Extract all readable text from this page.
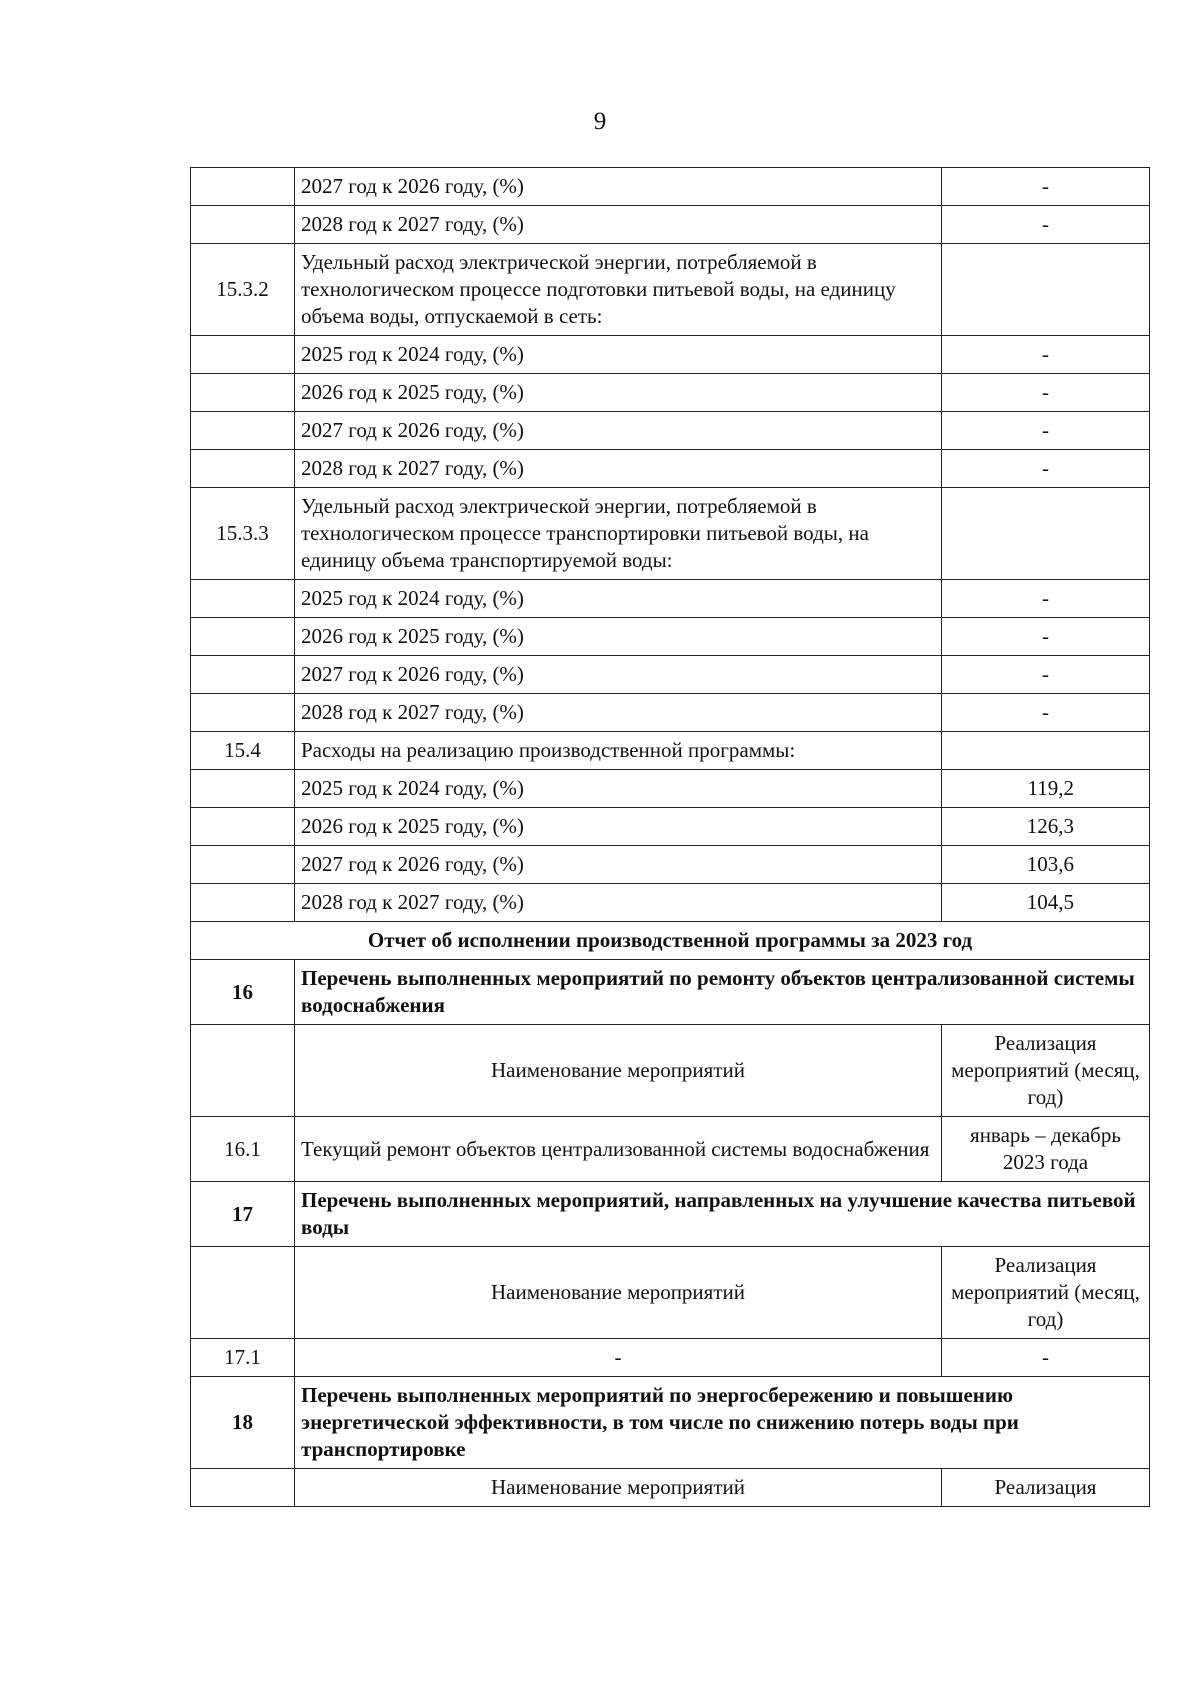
9
	2027 год к 2026 году, (%)	-
	2028 год к 2027 году, (%)	-
15.3.2	Удельный расход электрической энергии, потребляемой в технологическом процессе подготовки питьевой воды, на единицу объема воды, отпускаемой в сеть:	
	2025 год к 2024 году, (%)	-
	2026 год к 2025 году, (%)	-
	2027 год к 2026 году, (%)	-
	2028 год к 2027 году, (%)	-
15.3.3	Удельный расход электрической энергии, потребляемой в технологическом процессе транспортировки питьевой воды, на единицу объема транспортируемой воды:	
	2025 год к 2024 году, (%)	-
	2026 год к 2025 году, (%)	-
	2027 год к 2026 году, (%)	-
	2028 год к 2027 году, (%)	-
15.4	Расходы на реализацию производственной программы:	
	2025 год к 2024 году, (%)	119,2
	2026 год к 2025 году, (%)	126,3
	2027 год к 2026 году, (%)	103,6
	2028 год к 2027 году, (%)	104,5
Отчет об исполнении производственной программы за 2023 год		
16	Перечень выполненных мероприятий по ремонту объектов централизованной системы водоснабжения	
	Наименование мероприятий	Реализация мероприятий (месяц, год)
16.1	Текущий ремонт объектов централизованной системы водоснабжения	январь – декабрь 2023 года
17	Перечень выполненных мероприятий, направленных на улучшение качества питьевой воды	
	Наименование мероприятий	Реализация мероприятий (месяц, год)
17.1	-	-
18	Перечень выполненных мероприятий по энергосбережению и повышению энергетической эффективности, в том числе по снижению потерь воды при транспортировке	
	Наименование мероприятий	Реализация
